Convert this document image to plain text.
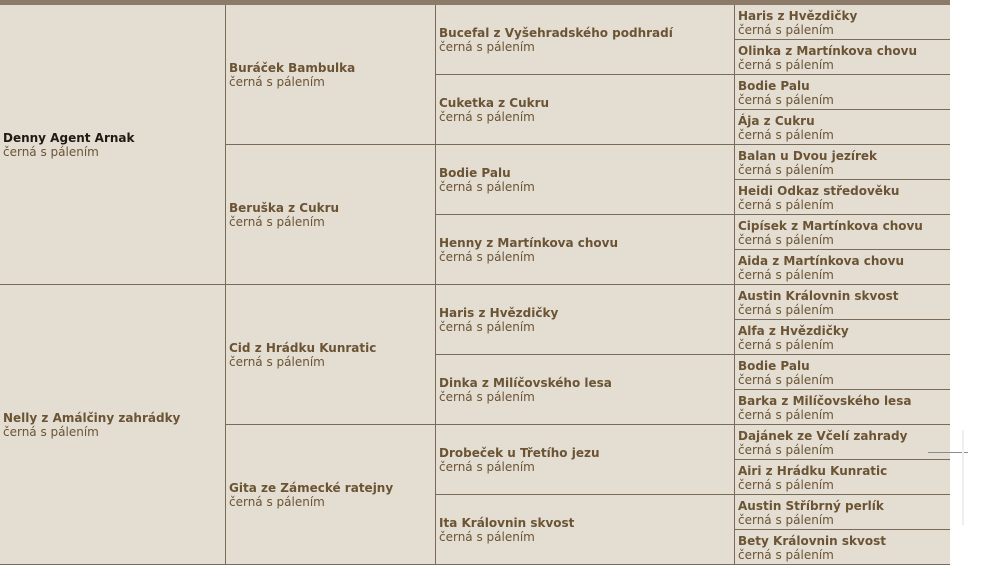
Denny Agent Arnak
černá s pálením
Nelly z Amálčiny zahrádky
černá s pálením
Buráček Bambulka
černá s pálením
Beruška z Cukru
černá s pálením
Cid z Hrádku Kunratic
černá s pálením
Gita ze Zámecké ratejny
černá s pálením
Bucefal z Vyšehradského podhradí
černá s pálením
Cuketka z Cukru
černá s pálením
Bodie Palu
černá s pálením
Henny z Martínkova chovu
černá s pálením
Haris z Hvězdičky
černá s pálením
Dinka z Milíčovského lesa
černá s pálením
Drobeček u Třetího jezu
černá s pálením
Ita Královnin skvost
černá s pálením
Haris z Hvězdičky
černá s pálením
Olinka z Martínkova chovu
černá s pálením
Bodie Palu
černá s pálením
Ája z Cukru
černá s pálením
Balan u Dvou jezírek
černá s pálením
Heidi Odkaz středověku
černá s pálením
Cipísek z Martínkova chovu
černá s pálením
Aida z Martínkova chovu
černá s pálením
Austin Královnin skvost
černá s pálením
Alfa z Hvězdičky
černá s pálením
Bodie Palu
černá s pálením
Barka z Milíčovského lesa
černá s pálením
Dajánek ze Včelí zahrady
černá s pálením
Airi z Hrádku Kunratic
černá s pálením
Austin Stříbrný perlík
černá s pálením
Bety Královnin skvost
černá s pálením
